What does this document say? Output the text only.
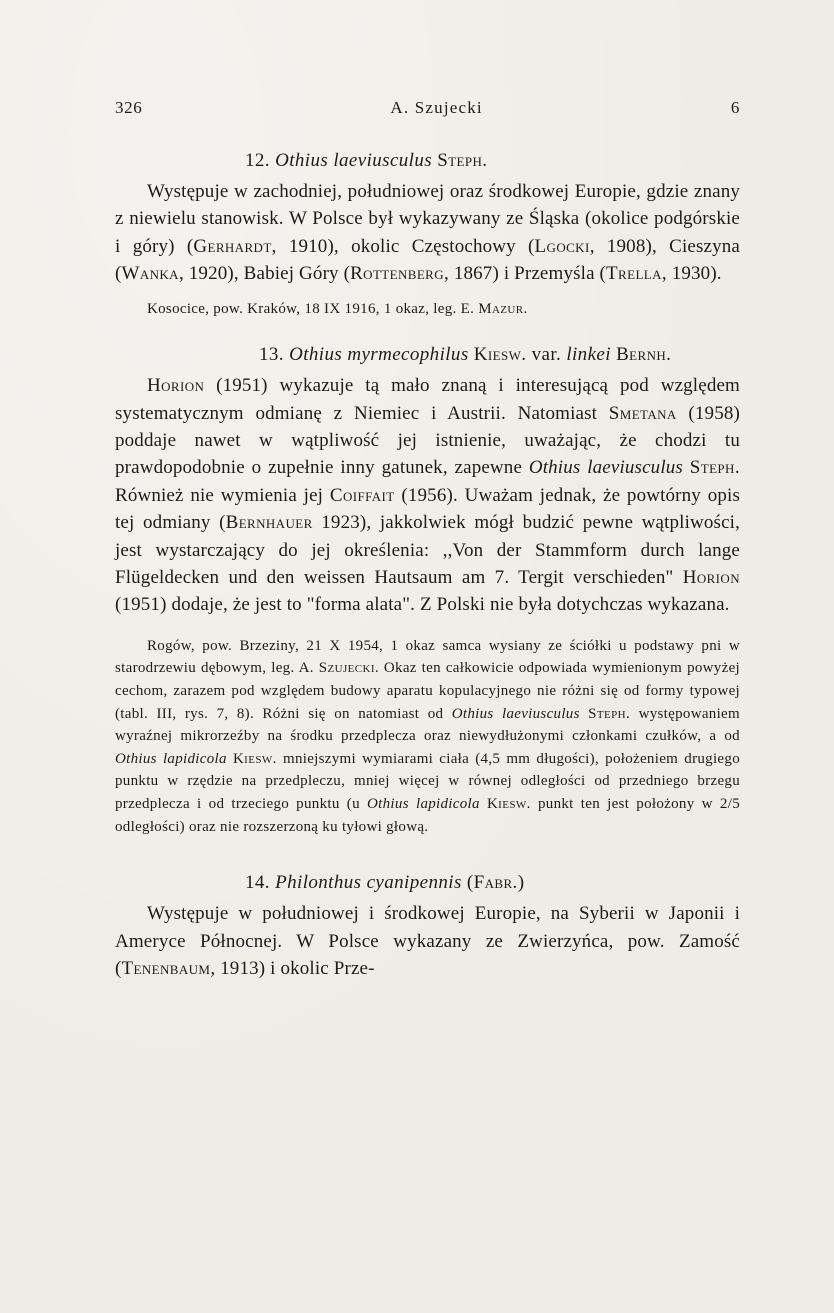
326	A. Szujecki	6
12. Othius laeviusculus Steph.

Występuje w zachodniej, południowej oraz środkowej Europie, gdzie znany z niewielu stanowisk. W Polsce był wykazywany ze Śląska (okolice podgórskie i góry) (Gerhardt, 1910), okolic Częstochowy (Lgocki, 1908), Cieszyna (Wanka, 1920), Babiej Góry (Rottenberg, 1867) i Przemyśla (Trella, 1930).

Kosocice, pow. Kraków, 18 IX 1916, 1 okaz, leg. E. Mazur.

13. Othius myrmecophilus Kiesw. var. linkei Bernh.

Horion (1951) wykazuje tą mało znaną i interesującą pod względem systematycznym odmianę z Niemiec i Austrii. Natomiast Smetana (1958) poddaje nawet w wątpliwość jej istnienie, uważając, że chodzi tu prawdopodobnie o zupełnie inny gatunek, zapewne Othius laeviusculus Steph. Również nie wymienia jej Coiffait (1956). Uważam jednak, że powtórny opis tej odmiany (Bernhauer 1923), jakkolwiek mógł budzić pewne wątpliwości, jest wystarczający do jej określenia: ,,Von der Stammform durch lange Flügeldecken und den weissen Hautsaum am 7. Tergit verschieden" Horion (1951) dodaje, że jest to "forma alata". Z Polski nie była dotychczas wykazana.

Rogów, pow. Brzeziny, 21 X 1954, 1 okaz samca wysiany ze ściółki u podstawy pni w starodrzewiu dębowym, leg. A. Szujecki. Okaz ten całkowicie odpowiada wymienionym powyżej cechom, zarazem pod względem budowy aparatu kopulacyjnego nie różni się od formy typowej (tabl. III, rys. 7, 8). Różni się on natomiast od Othius laeviusculus Steph. występowaniem wyraźnej mikrorzeźby na środku przedplecza oraz niewydłużonymi członkami czułków, a od Othius lapidicola Kiesw. mniejszymi wymiarami ciała (4,5 mm długości), położeniem drugiego punktu w rzędzie na przedpleczu, mniej więcej w równej odległości od przedniego brzegu przedplecza i od trzeciego punktu (u Othius lapidicola Kiesw. punkt ten jest położony w 2/5 odległości) oraz nie rozszerzoną ku tyłowi głową.

14. Philonthus cyanipennis (Fabr.)

Występuje w południowej i środkowej Europie, na Syberii w Japonii i Ameryce Północnej. W Polsce wykazany ze Zwierzyńca, pow. Zamość (Tenenbaum, 1913) i okolic Prze-
